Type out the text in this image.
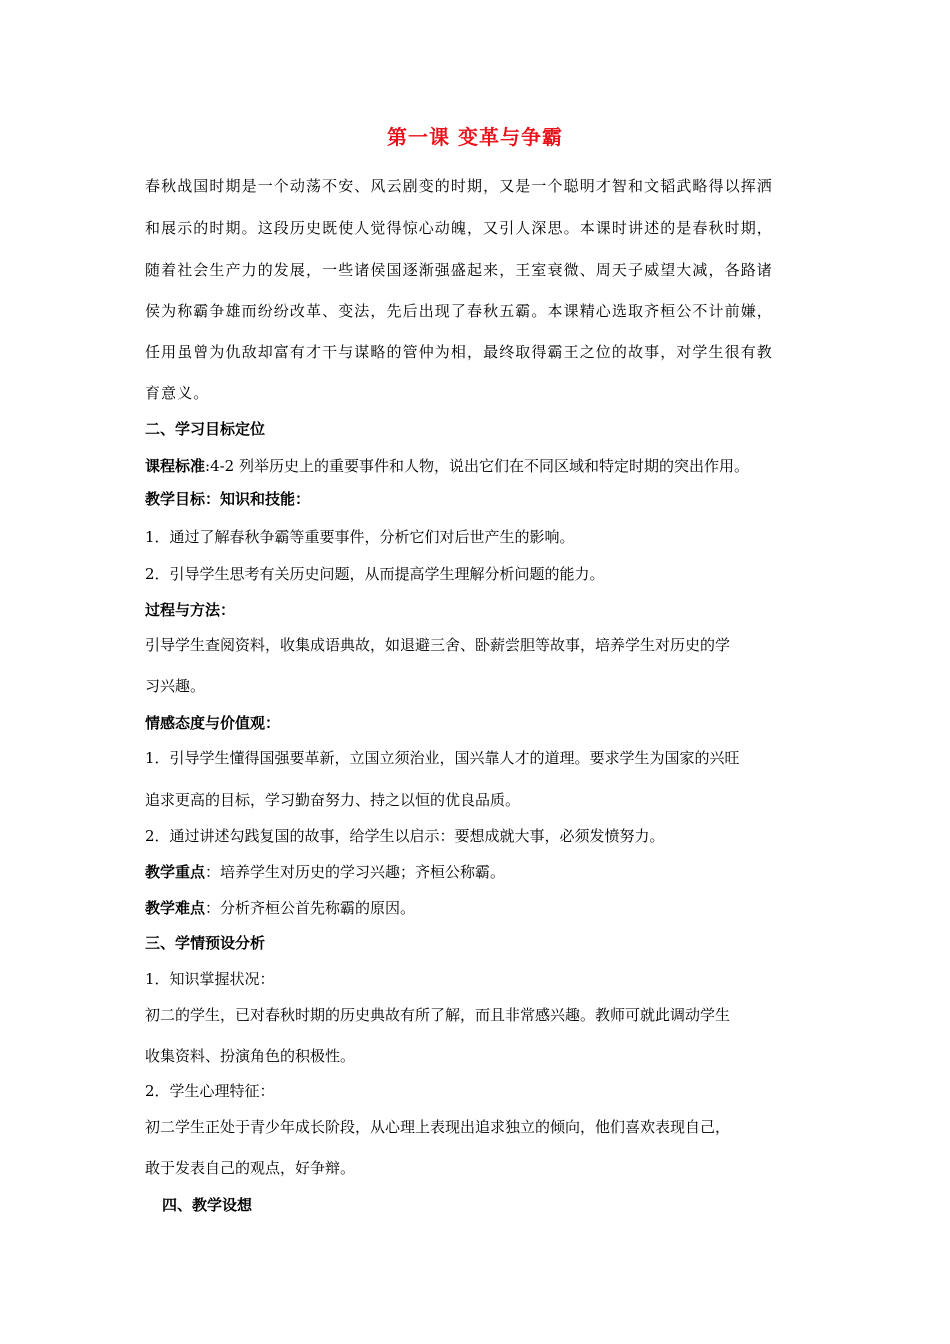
第一课 变革与争霸
春秋战国时期是一个动荡不安、风云剧变的时期，又是一个聪明才智和文韬武略得以挥洒
和展示的时期。这段历史既使人觉得惊心动魄，又引人深思。本课时讲述的是春秋时期，
随着社会生产力的发展，一些诸侯国逐渐强盛起来，王室衰微、周天子威望大减，各路诸
侯为称霸争雄而纷纷改革、变法，先后出现了春秋五霸。本课精心选取齐桓公不计前嫌，
任用虽曾为仇敌却富有才干与谋略的管仲为相，最终取得霸王之位的故事，对学生很有教
育意义。
二、学习目标定位
课程标准:4-2 列举历史上的重要事件和人物，说出它们在不同区域和特定时期的突出作用。
教学目标：知识和技能：
1．通过了解春秋争霸等重要事件，分析它们对后世产生的影响。
2．引导学生思考有关历史问题，从而提高学生理解分析问题的能力。
过程与方法：
引导学生查阅资料，收集成语典故，如退避三舍、卧薪尝胆等故事，培养学生对历史的学
习兴趣。
情感态度与价值观：
1．引导学生懂得国强要革新，立国立须治业，国兴靠人才的道理。要求学生为国家的兴旺
追求更高的目标，学习勤奋努力、持之以恒的优良品质。
2．通过讲述勾践复国的故事，给学生以启示：要想成就大事，必须发愤努力。
教学重点：培养学生对历史的学习兴趣；齐桓公称霸。
教学难点：分析齐桓公首先称霸的原因。
三、学情预设分析
1．知识掌握状况：
初二的学生，已对春秋时期的历史典故有所了解，而且非常感兴趣。教师可就此调动学生
收集资料、扮演角色的积极性。
2．学生心理特征：
初二学生正处于青少年成长阶段，从心理上表现出追求独立的倾向，他们喜欢表现自己，
敢于发表自己的观点，好争辩。
四、教学设想
